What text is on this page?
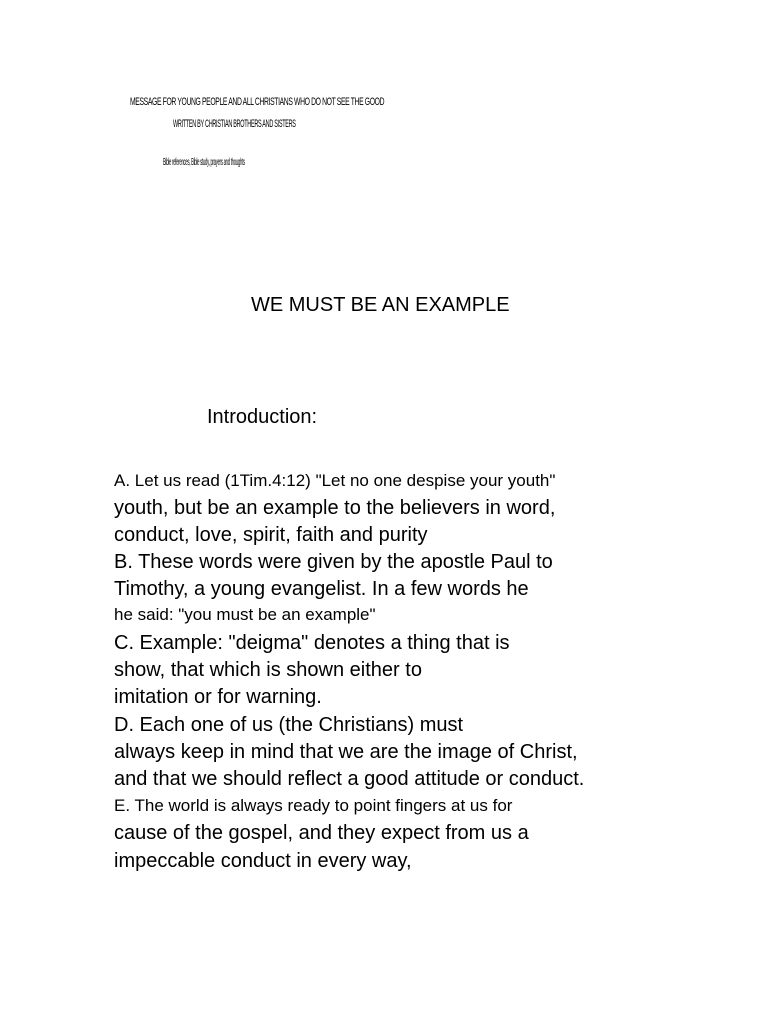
MESSAGE FOR YOUNG PEOPLE AND ALL CHRISTIANS WHO DO NOT SEE THE GOOD
WRITTEN BY CHRISTIAN BROTHERS AND SISTERS
Bible references, Bible study, prayers and thoughts
WE MUST BE AN EXAMPLE
Introduction:
A. Let us read (1Tim.4:12) "Let no one despise your youth"
youth, but be an example to the believers in word,
conduct, love, spirit, faith and purity
B. These words were given by the apostle Paul to
Timothy, a young evangelist. In a few words he
he said: "you must be an example"
C. Example: "deigma" denotes a thing that is
show, that which is shown either to
imitation or for warning.
D. Each one of us (the Christians) must
always keep in mind that we are the image of Christ,
and that we should reflect a good attitude or conduct.
E. The world is always ready to point fingers at us for
cause of the gospel, and they expect from us a
impeccable conduct in every way,
